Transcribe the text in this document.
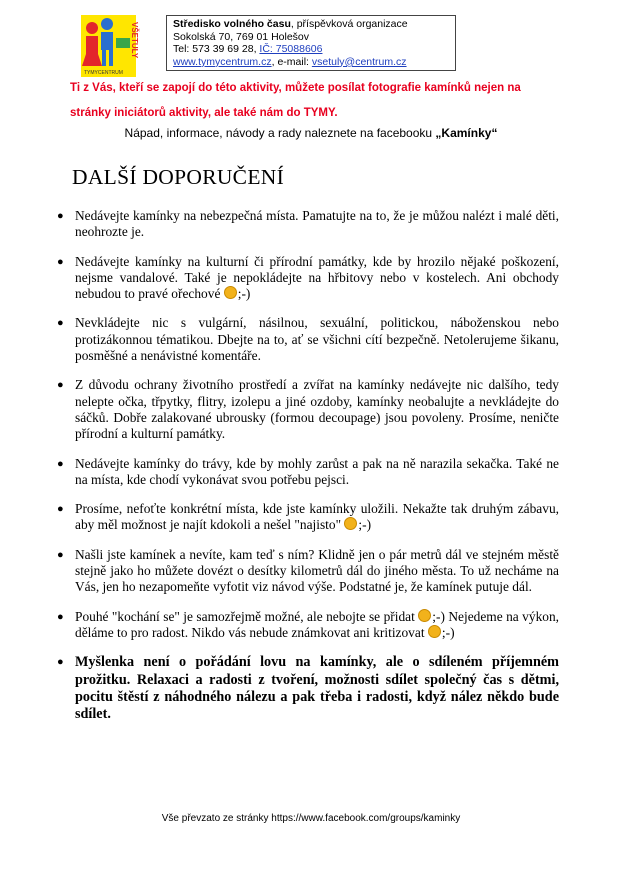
VŠETULY
TYMYCENTRUM
Středisko volného času, příspěvková organizace
Sokolská 70, 769 01 Holešov
Tel: 573 39 69 28, IČ: 75088606
www.tymycentrum.cz, e-mail: vsetuly@centrum.cz
Ti z Vás, kteří se zapojí do této aktivity, můžete posílat fotografie kamínků nejen na
stránky iniciátorů aktivity, ale také nám do TYMY.
Nápad, informace, návody a rady naleznete na facebooku „Kamínky“
DALŠÍ DOPORUČENÍ
● Nedávejte kamínky na nebezpečná místa. Pamatujte na to, že je můžou nalézt i malé děti, neohrozte je.
● Nedávejte kamínky na kulturní či přírodní památky, kde by hrozilo nějaké poškození, nejsme vandalové. Také je nepokládejte na hřbitovy nebo v kostelech. Ani obchody nebudou to pravé ořechové ;-)
● Nevkládejte nic s vulgární, násilnou, sexuální, politickou, náboženskou nebo protizákonnou tématikou. Dbejte na to, ať se všichni cítí bezpečně. Netolerujeme šikanu, posměšné a nenávistné komentáře.
● Z důvodu ochrany životního prostředí a zvířat na kamínky nedávejte nic dalšího, tedy nelepte očka, třpytky, flitry, izolepu a jiné ozdoby, kamínky neobalujte a nevkládejte do sáčků. Dobře zalakované ubrousky (formou decoupage) jsou povoleny. Prosíme, neničte přírodní a kulturní památky.
● Nedávejte kamínky do trávy, kde by mohly zarůst a pak na ně narazila sekačka. Také ne na místa, kde chodí vykonávat svou potřebu pejsci.
● Prosíme, nefoťte konkrétní místa, kde jste kamínky uložili. Nekažte tak druhým zábavu, aby měl možnost je najít kdokoli a nešel "najisto" ;-)
● Našli jste kamínek a nevíte, kam teď s ním? Klidně jen o pár metrů dál ve stejném městě stejně jako ho můžete dovézt o desítky kilometrů dál do jiného města. To už necháme na Vás, jen ho nezapomeňte vyfotit viz návod výše. Podstatné je, že kamínek putuje dál.
● Pouhé "kochání se" je samozřejmě možné, ale nebojte se přidat ;-) Nejedeme na výkon, děláme to pro radost. Nikdo vás nebude známkovat ani kritizovat ;-)
● Myšlenka není o pořádání lovu na kamínky, ale o sdíleném příjemném prožitku. Relaxaci a radosti z tvoření, možnosti sdílet společný čas s dětmi, pocitu štěstí z náhodného nálezu a pak třeba i radosti, když nález někdo bude sdílet.
Vše převzato ze stránky https://www.facebook.com/groups/kaminky
